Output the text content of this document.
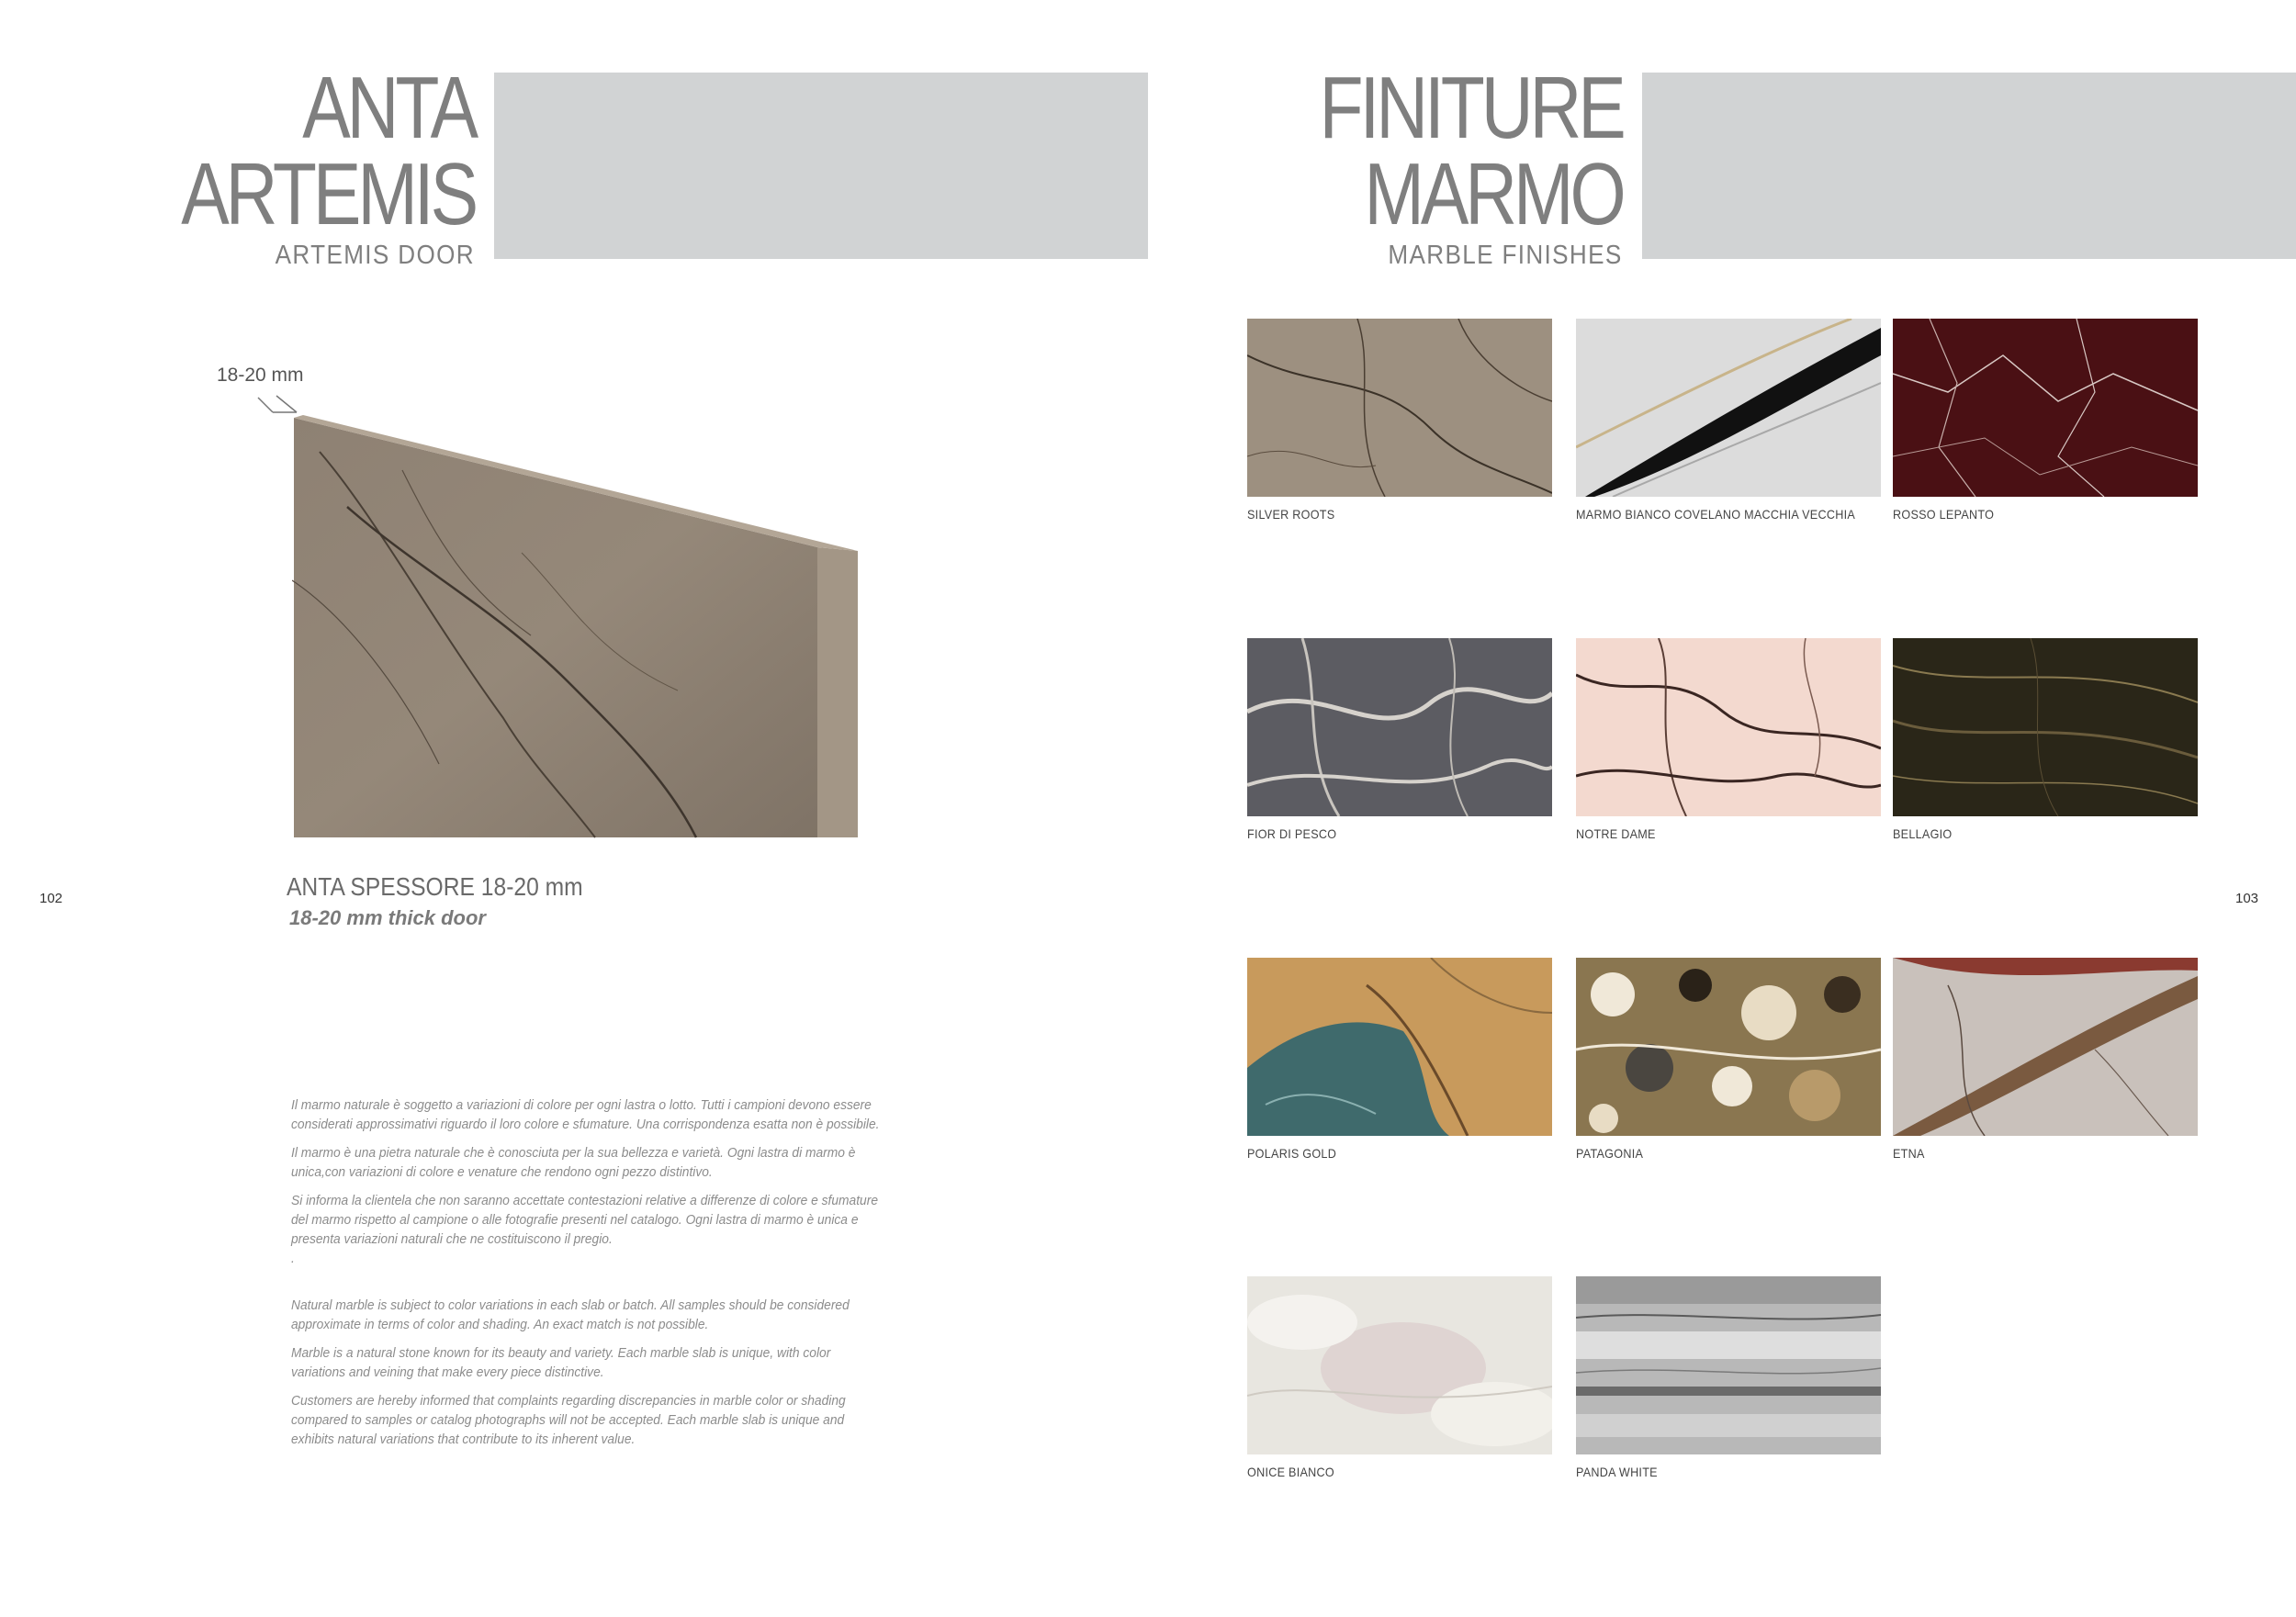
ANTA
ARTEMIS
ARTEMIS DOOR
18-20 mm
ANTA SPESSORE 18-20 mm
18-20 mm thick door
102

Il marmo naturale è soggetto a variazioni di colore per ogni lastra o lotto. Tutti i campioni devono essere considerati approssimativi riguardo il loro colore e sfumature. Una corrispondenza esatta non è possibile.

Il marmo è una pietra naturale che è conosciuta per la sua bellezza e varietà. Ogni lastra di marmo è unica,con variazioni di colore e venature che rendono ogni pezzo distintivo.

Si informa la clientela che non saranno accettate contestazioni relative a differenze di colore e sfumature del marmo rispetto al campione o alle fotografie presenti nel catalogo. Ogni lastra di marmo è unica e presenta variazioni naturali che ne costituiscono il pregio.

.

Natural marble is subject to color variations in each slab or batch. All samples should be considered approximate in terms of color and shading. An exact match is not possible.

Marble is a natural stone known for its beauty and variety. Each marble slab is unique, with color variations and veining that make every piece distinctive.

Customers are hereby informed that complaints regarding discrepancies in marble color or shading compared to samples or catalog photographs will not be accepted. Each marble slab is unique and exhibits natural variations that contribute to its inherent value.

FINITURE
MARMO
MARBLE FINISHES
103
SILVER ROOTS	MARMO BIANCO COVELANO MACCHIA VECCHIA	ROSSO LEPANTO
FIOR DI PESCO	NOTRE DAME	BELLAGIO
POLARIS GOLD	PATAGONIA	ETNA
ONICE BIANCO	PANDA WHITE
